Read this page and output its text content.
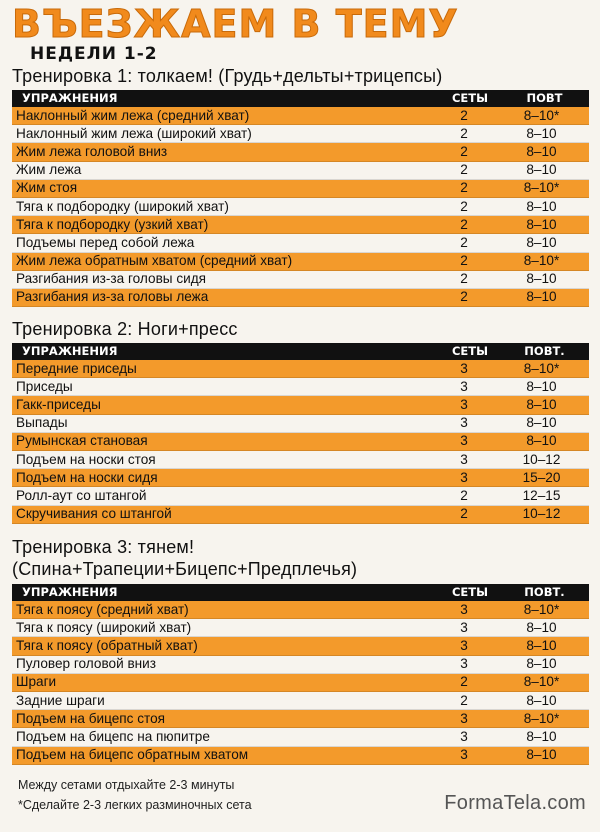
ВЪЕЗЖАЕМ В ТЕМУ
НЕДЕЛИ 1-2
Тренировка 1: толкаем! (Грудь+дельты+трицепсы)
УПРАЖНЕНИЯ	СЕТЫ	ПОВТ
Наклонный жим лежа (средний хват)	2	8–10*
Наклонный жим лежа (широкий хват)	2	8–10
Жим лежа головой вниз	2	8–10
Жим лежа	2	8–10
Жим стоя	2	8–10*
Тяга к подбородку (широкий хват)	2	8–10
Тяга к подбородку (узкий хват)	2	8–10
Подъемы перед собой лежа	2	8–10
Жим лежа обратным хватом (средний хват)	2	8–10*
Разгибания из-за головы сидя	2	8–10
Разгибания из-за головы лежа	2	8–10
Тренировка 2: Ноги+пресс
УПРАЖНЕНИЯ	СЕТЫ	ПОВТ.
Передние приседы	3	8–10*
Приседы	3	8–10
Гакк-приседы	3	8–10
Выпады	3	8–10
Румынская становая	3	8–10
Подъем на носки стоя	3	10–12
Подъем на носки сидя	3	15–20
Ролл-аут со штангой	2	12–15
Скручивания со штангой	2	10–12
Тренировка 3: тянем!
(Спина+Трапеции+Бицепс+Предплечья)
УПРАЖНЕНИЯ	СЕТЫ	ПОВТ.
Тяга к поясу (средний хват)	3	8–10*
Тяга к поясу (широкий хват)	3	8–10
Тяга к поясу (обратный хват)	3	8–10
Пуловер головой вниз	3	8–10
Шраги	2	8–10*
Задние шраги	2	8–10
Подъем на бицепс стоя	3	8–10*
Подъем на бицепс на пюпитре	3	8–10
Подъем на бицепс обратным хватом	3	8–10
Между сетами отдыхайте 2-3 минуты
*Сделайте 2-3 легких разминочных сета	FormaTela.com
